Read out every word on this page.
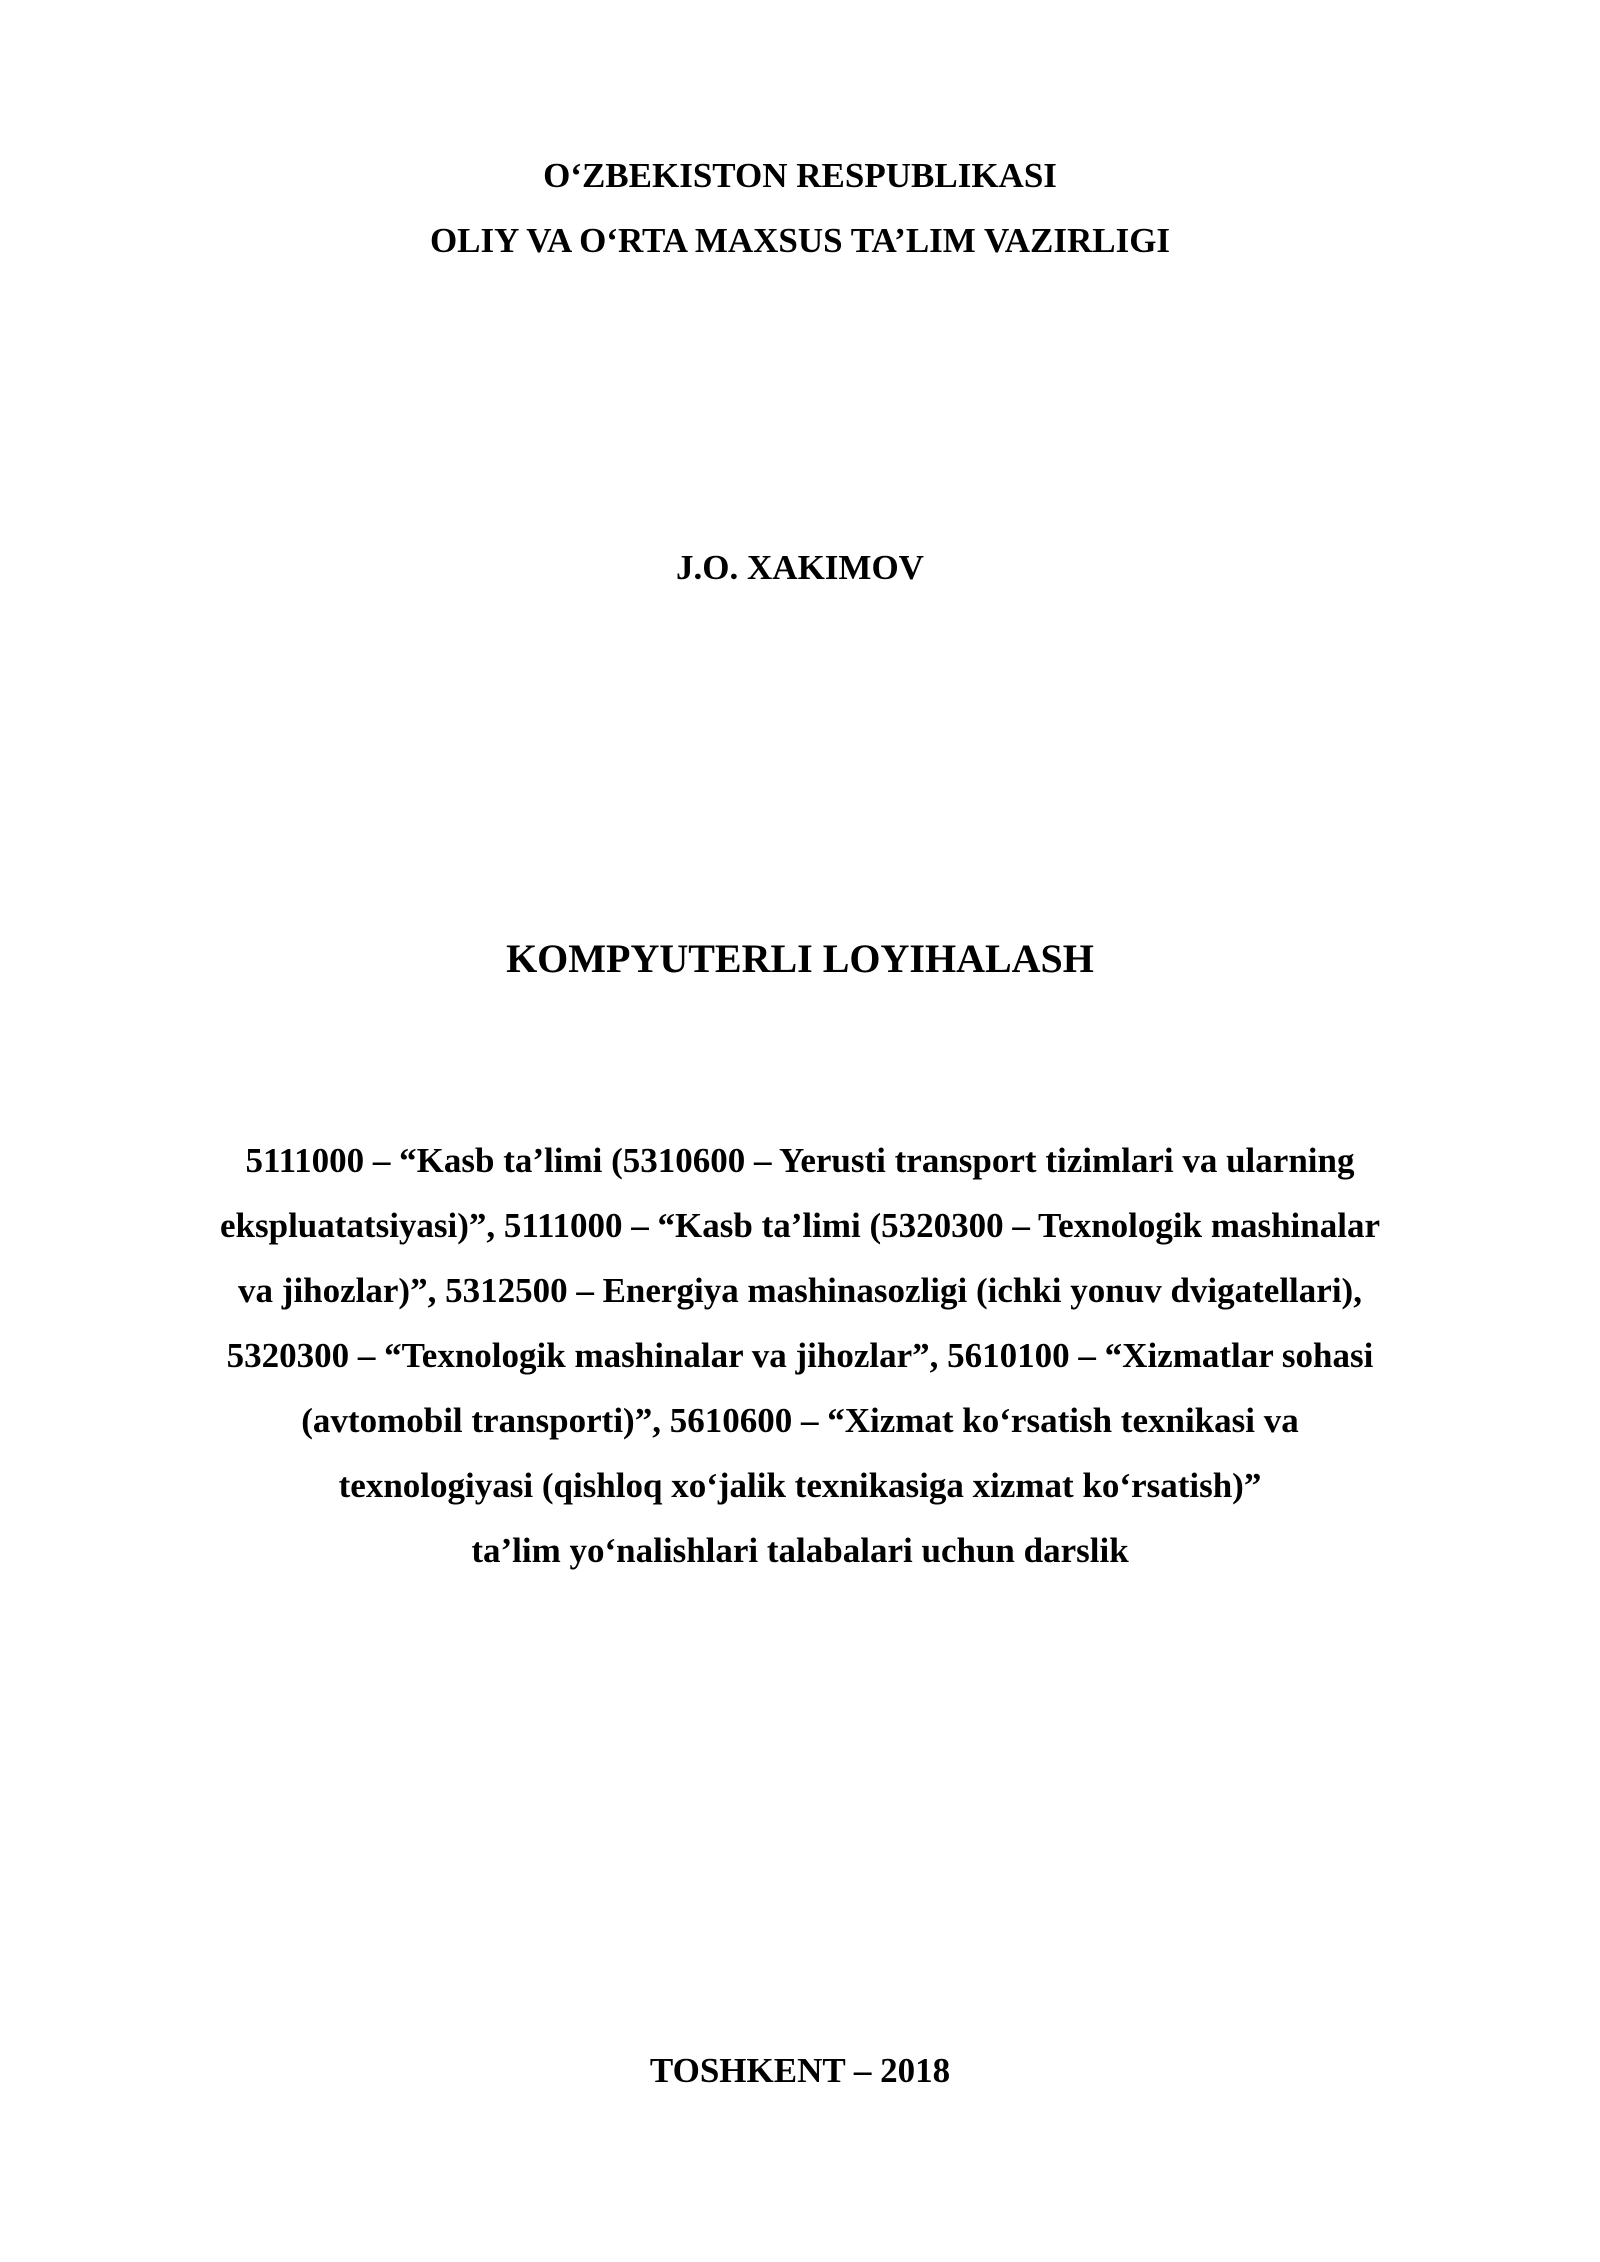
O‘ZBEKISTON RESPUBLIKASI
OLIY VA O‘RTA MAXSUS TA’LIM VAZIRLIGI
J.O. XAKIMOV
KOMPYUTERLI LOYIHALASH
5111000 – “Kasb ta’limi (5310600 – Yerusti transport tizimlari va ularning
ekspluatatsiyasi)”, 5111000 – “Kasb ta’limi (5320300 – Texnologik mashinalar
va jihozlar)”, 5312500 – Energiya mashinasozligi (ichki yonuv dvigatellari),
5320300 – “Texnologik mashinalar va jihozlar”, 5610100 – “Xizmatlar sohasi
(avtomobil transporti)”, 5610600 – “Xizmat ko‘rsatish texnikasi va
texnologiyasi (qishloq xo‘jalik texnikasiga xizmat ko‘rsatish)”
ta’lim yo‘nalishlari talabalari uchun darslik
TOSHKENT – 2018
